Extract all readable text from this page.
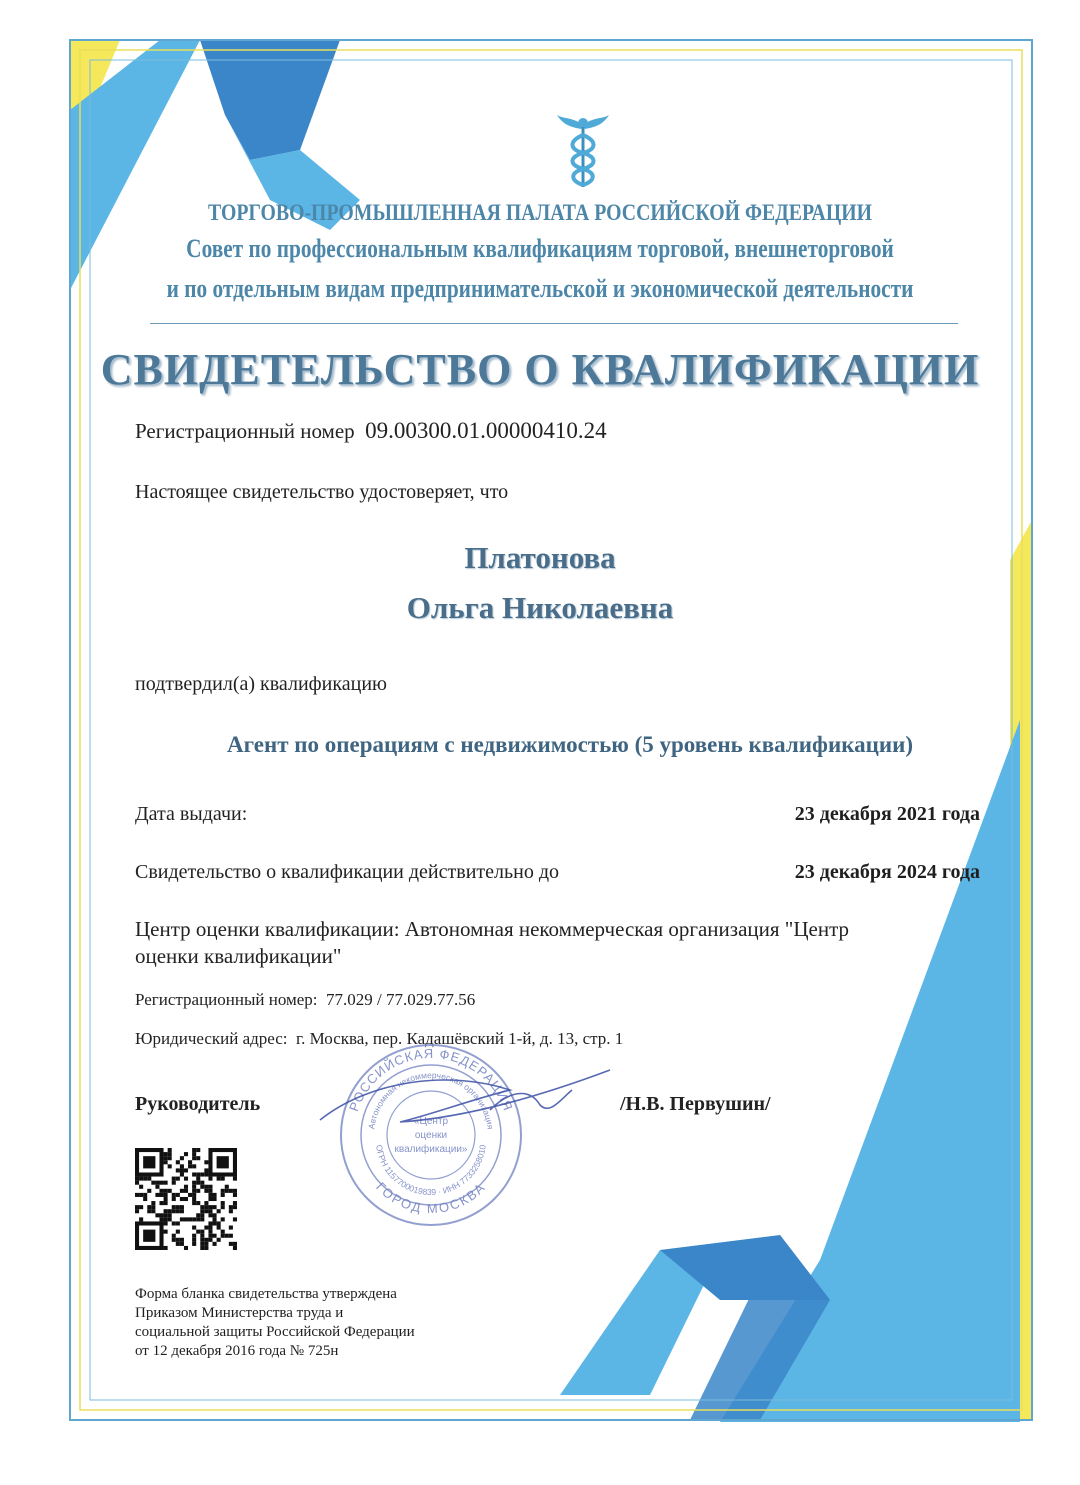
ТОРГОВО-ПРОМЫШЛЕННАЯ ПАЛАТА РОССИЙСКОЙ ФЕДЕРАЦИИ
Совет по профессиональным квалификациям торговой, внешнеторговой
и по отдельным видам предпринимательской и экономической деятельности
СВИДЕТЕЛЬСТВО О КВАЛИФИКАЦИИ
Регистрационный номер 09.00300.01.00000410.24
Настоящее свидетельство удостоверяет, что
Платонова
Ольга Николаевна
подтвердил(а) квалификацию
Агент по операциям с недвижимостью (5 уровень квалификации)
Дата выдачи:	23 декабря 2021 года
Свидетельство о квалификации действительно до	23 декабря 2024 года
Центр оценки квалификации: Автономная некоммерческая организация "Центр
оценки квалификации"
Регистрационный номер: 77.029 / 77.029.77.56
Юридический адрес: г. Москва, пер. Кадашёвский 1-й, д. 13, стр. 1
Руководитель	/Н.В. Первушин/
РОССИЙСКАЯ ФЕДЕРАЦИЯ
ГОРОД МОСКВА
Автономная некоммерческая организация
ОГРН 1157700019839 · ИНН 7733258010
«Центр
оценки
квалификации»
Форма бланка свидетельства утверждена
Приказом Министерства труда и
социальной защиты Российской Федерации
от 12 декабря 2016 года № 725н
